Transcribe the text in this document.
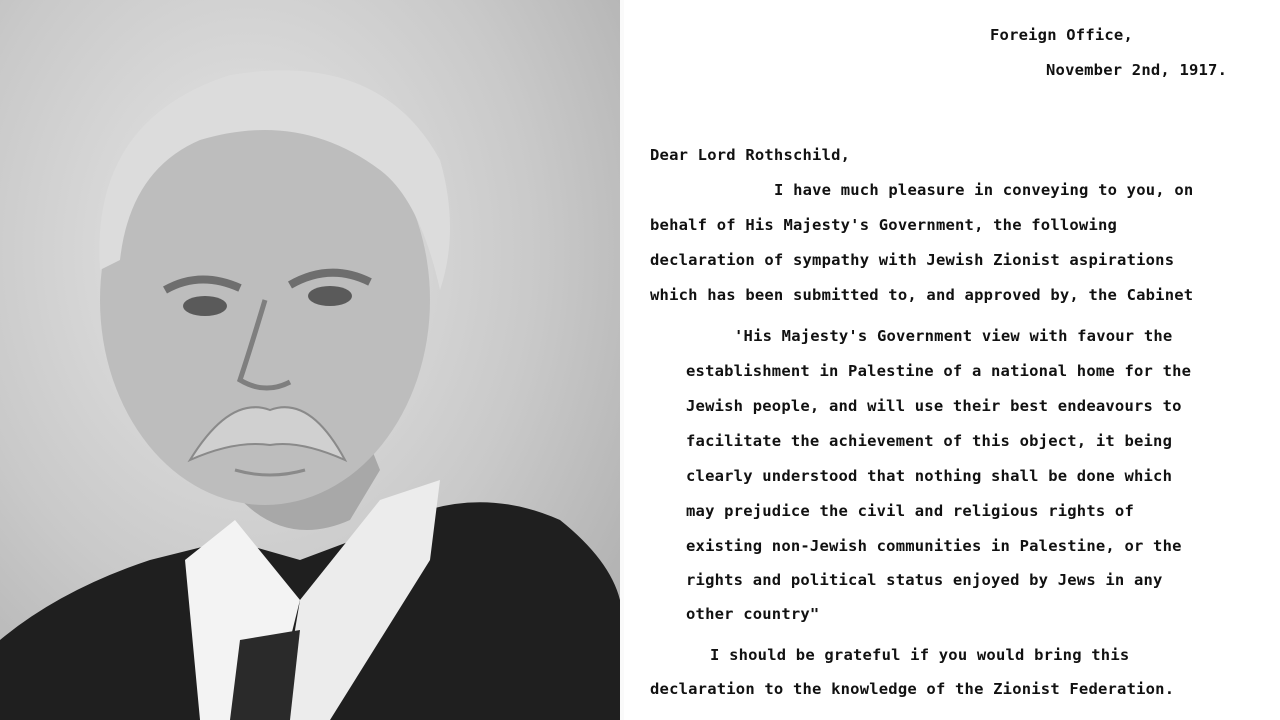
Foreign Office,
November 2nd, 1917.
Dear Lord Rothschild,
I have much pleasure in conveying to you, on
behalf of His Majesty's Government, the following
declaration of sympathy with Jewish Zionist aspirations
which has been submitted to, and approved by, the Cabinet
'His Majesty's Government view with favour the
establishment in Palestine of a national home for the
Jewish people, and will use their best endeavours to
facilitate the achievement of this object, it being
clearly understood that nothing shall be done which
may prejudice the civil and religious rights of
existing non-Jewish communities in Palestine, or the
rights and political status enjoyed by Jews in any
other country"
I should be grateful if you would bring this
declaration to the knowledge of the Zionist Federation.
